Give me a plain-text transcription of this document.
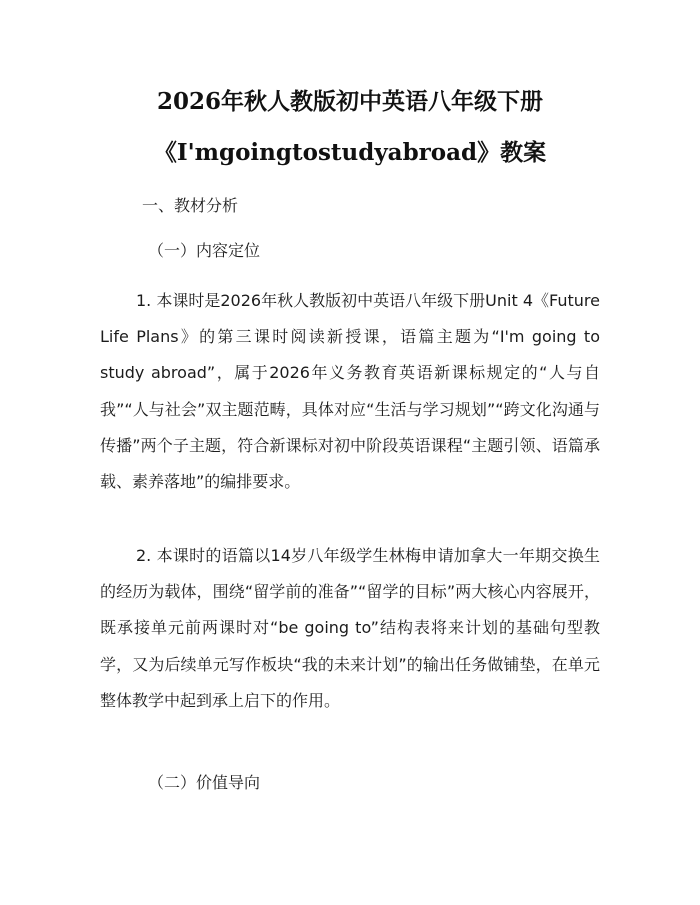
2026年秋人教版初中英语八年级下册
《I'mgoingtostudyabroad》教案
一、教材分析
（一）内容定位

1. 本课时是2026年秋人教版初中英语八年级下册Unit 4《Future Life Plans》的第三课时阅读新授课，语篇主题为“I'm going to study abroad”，属于2026年义务教育英语新课标规定的“人与自我”“人与社会”双主题范畴，具体对应“生活与学习规划”“跨文化沟通与传播”两个子主题，符合新课标对初中阶段英语课程“主题引领、语篇承载、素养落地”的编排要求。

2. 本课时的语篇以14岁八年级学生林梅申请加拿大一年期交换生的经历为载体，围绕“留学前的准备”“留学的目标”两大核心内容展开，既承接单元前两课时对“be going to”结构表将来计划的基础句型教学，又为后续单元写作板块“我的未来计划”的输出任务做铺垫，在单元整体教学中起到承上启下的作用。

（二）价值导向
